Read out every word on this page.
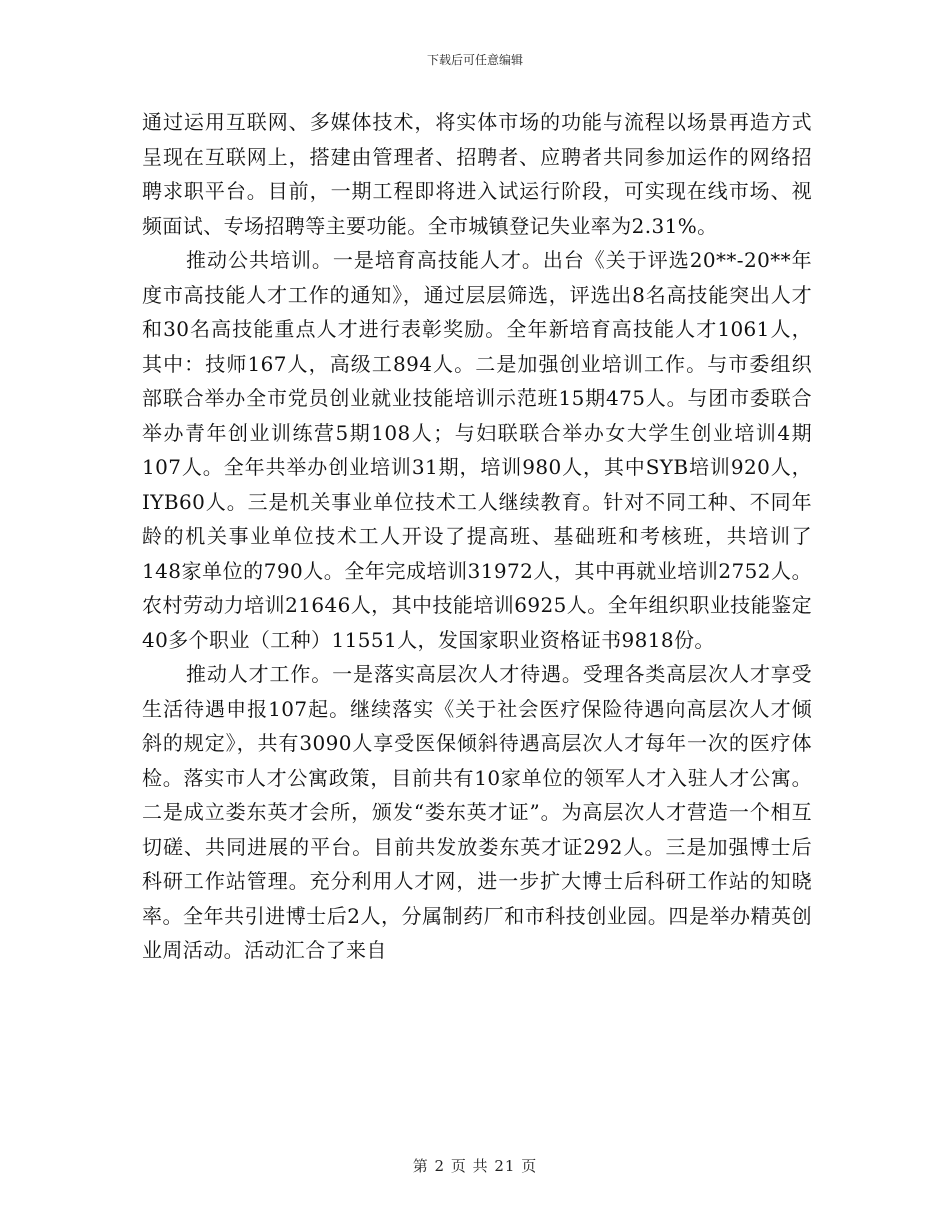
下载后可任意编辑

通过运用互联网、多媒体技术，将实体市场的功能与流程以场景再造方式呈现在互联网上，搭建由管理者、招聘者、应聘者共同参加运作的网络招聘求职平台。目前，一期工程即将进入试运行阶段，可实现在线市场、视频面试、专场招聘等主要功能。全市城镇登记失业率为2.31%。

推动公共培训。一是培育高技能人才。出台《关于评选20**-20**年度市高技能人才工作的通知》，通过层层筛选，评选出8名高技能突出人才和30名高技能重点人才进行表彰奖励。全年新培育高技能人才1061人，其中：技师167人，高级工894人。二是加强创业培训工作。与市委组织部联合举办全市党员创业就业技能培训示范班15期475人。与团市委联合举办青年创业训练营5期108人；与妇联联合举办女大学生创业培训4期107人。全年共举办创业培训31期，培训980人，其中SYB培训920人，IYB60人。三是机关事业单位技术工人继续教育。针对不同工种、不同年龄的机关事业单位技术工人开设了提高班、基础班和考核班，共培训了148家单位的790人。全年完成培训31972人，其中再就业培训2752人。农村劳动力培训21646人，其中技能培训6925人。全年组织职业技能鉴定40多个职业（工种）11551人，发国家职业资格证书9818份。

推动人才工作。一是落实高层次人才待遇。受理各类高层次人才享受生活待遇申报107起。继续落实《关于社会医疗保险待遇向高层次人才倾斜的规定》，共有3090人享受医保倾斜待遇高层次人才每年一次的医疗体检。落实市人才公寓政策，目前共有10家单位的领军人才入驻人才公寓。二是成立娄东英才会所，颁发“娄东英才证”。为高层次人才营造一个相互切磋、共同进展的平台。目前共发放娄东英才证292人。三是加强博士后科研工作站管理。充分利用人才网，进一步扩大博士后科研工作站的知晓率。全年共引进博士后2人，分属制药厂和市科技创业园。四是举办精英创业周活动。活动汇合了来自

第 2 页 共 21 页
